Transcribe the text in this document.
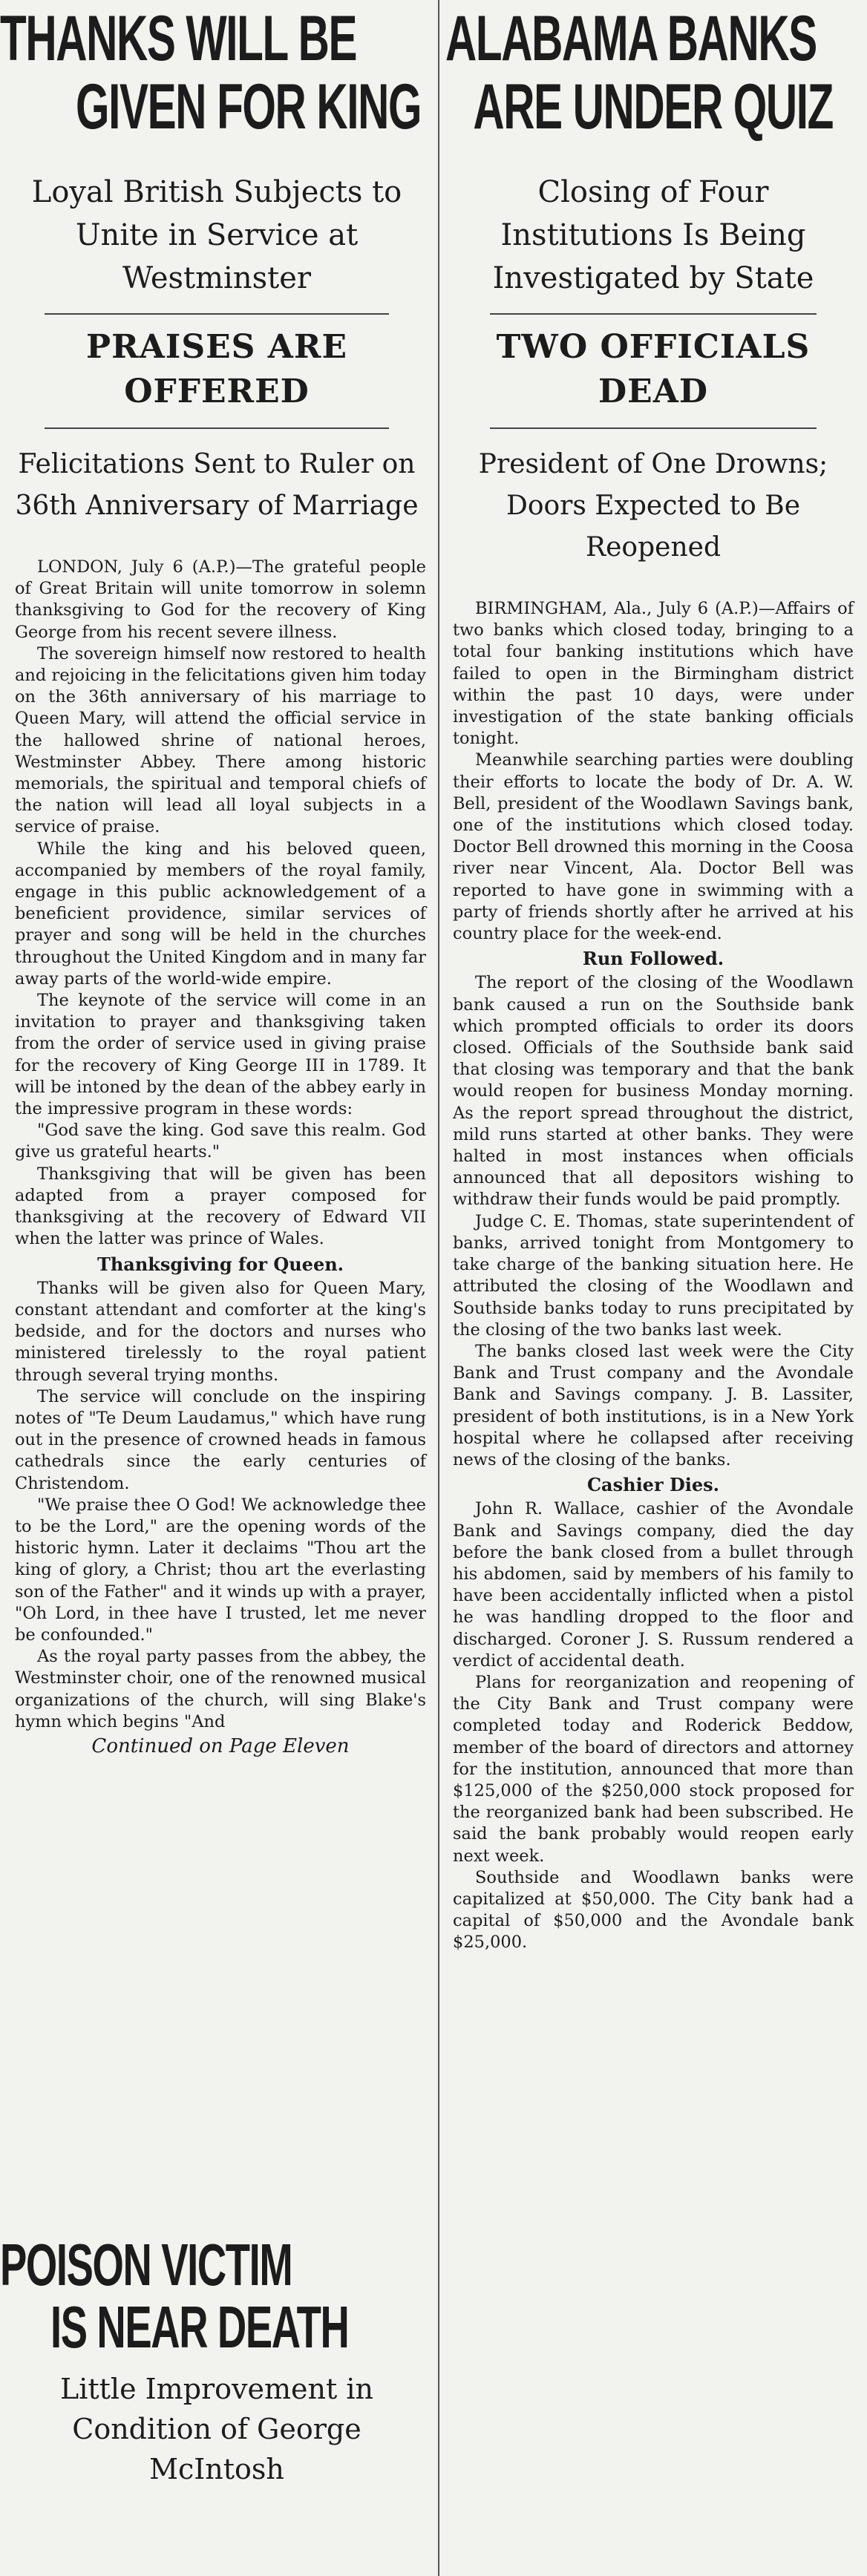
THANKS WILL BE
GIVEN FOR KING
Loyal British Subjects to Unite in Service at Westminster
PRAISES ARE OFFERED
Felicitations Sent to Ruler on 36th Anniversary of Marriage

LONDON, July 6 (A.P.)—The grateful people of Great Britain will unite tomorrow in solemn thanksgiving to God for the recovery of King George from his recent severe illness.

The sovereign himself now restored to health and rejoicing in the felicitations given him today on the 36th anniversary of his marriage to Queen Mary, will attend the official service in the hallowed shrine of national heroes, Westminster Abbey. There among historic memorials, the spiritual and temporal chiefs of the nation will lead all loyal subjects in a service of praise.

While the king and his beloved queen, accompanied by members of the royal family, engage in this public acknowledgement of a beneficient providence, similar services of prayer and song will be held in the churches throughout the United Kingdom and in many far away parts of the world-wide empire.

The keynote of the service will come in an invitation to prayer and thanksgiving taken from the order of service used in giving praise for the recovery of King George III in 1789. It will be intoned by the dean of the abbey early in the impressive program in these words:

"God save the king. God save this realm. God give us grateful hearts."

Thanksgiving that will be given has been adapted from a prayer composed for thanksgiving at the recovery of Edward VII when the latter was prince of Wales.

Thanksgiving for Queen.

Thanks will be given also for Queen Mary, constant attendant and comforter at the king's bedside, and for the doctors and nurses who ministered tirelessly to the royal patient through several trying months.

The service will conclude on the inspiring notes of "Te Deum Laudamus," which have rung out in the presence of crowned heads in famous cathedrals since the early centuries of Christendom.

"We praise thee O God! We acknowledge thee to be the Lord," are the opening words of the historic hymn. Later it declaims "Thou art the king of glory, a Christ; thou art the everlasting son of the Father" and it winds up with a prayer, "Oh Lord, in thee have I trusted, let me never be confounded."

As the royal party passes from the abbey, the Westminster choir, one of the renowned musical organizations of the church, will sing Blake's hymn which begins "And

Continued on Page Eleven
POISON VICTIM
IS NEAR DEATH
Little Improvement in Condition of George McIntosh
ALABAMA BANKS
ARE UNDER QUIZ
Closing of Four Institutions Is Being Investigated by State
TWO OFFICIALS DEAD
President of One Drowns; Doors Expected to Be Reopened

BIRMINGHAM, Ala., July 6 (A.P.)—Affairs of two banks which closed today, bringing to a total four banking institutions which have failed to open in the Birmingham district within the past 10 days, were under investigation of the state banking officials tonight.

Meanwhile searching parties were doubling their efforts to locate the body of Dr. A. W. Bell, president of the Woodlawn Savings bank, one of the institutions which closed today. Doctor Bell drowned this morning in the Coosa river near Vincent, Ala. Doctor Bell was reported to have gone in swimming with a party of friends shortly after he arrived at his country place for the week-end.

Run Followed.

The report of the closing of the Woodlawn bank caused a run on the Southside bank which prompted officials to order its doors closed. Officials of the Southside bank said that closing was temporary and that the bank would reopen for business Monday morning. As the report spread throughout the district, mild runs started at other banks. They were halted in most instances when officials announced that all depositors wishing to withdraw their funds would be paid promptly.

Judge C. E. Thomas, state superintendent of banks, arrived tonight from Montgomery to take charge of the banking situation here. He attributed the closing of the Woodlawn and Southside banks today to runs precipitated by the closing of the two banks last week.

The banks closed last week were the City Bank and Trust company and the Avondale Bank and Savings company. J. B. Lassiter, president of both institutions, is in a New York hospital where he collapsed after receiving news of the closing of the banks.

Cashier Dies.

John R. Wallace, cashier of the Avondale Bank and Savings company, died the day before the bank closed from a bullet through his abdomen, said by members of his family to have been accidentally inflicted when a pistol he was handling dropped to the floor and discharged. Coroner J. S. Russum rendered a verdict of accidental death.

Plans for reorganization and reopening of the City Bank and Trust company were completed today and Roderick Beddow, member of the board of directors and attorney for the institution, announced that more than $125,000 of the $250,000 stock proposed for the reorganized bank had been subscribed. He said the bank probably would reopen early next week.

Southside and Woodlawn banks were capitalized at $50,000. The City bank had a capital of $50,000 and the Avondale bank $25,000.
